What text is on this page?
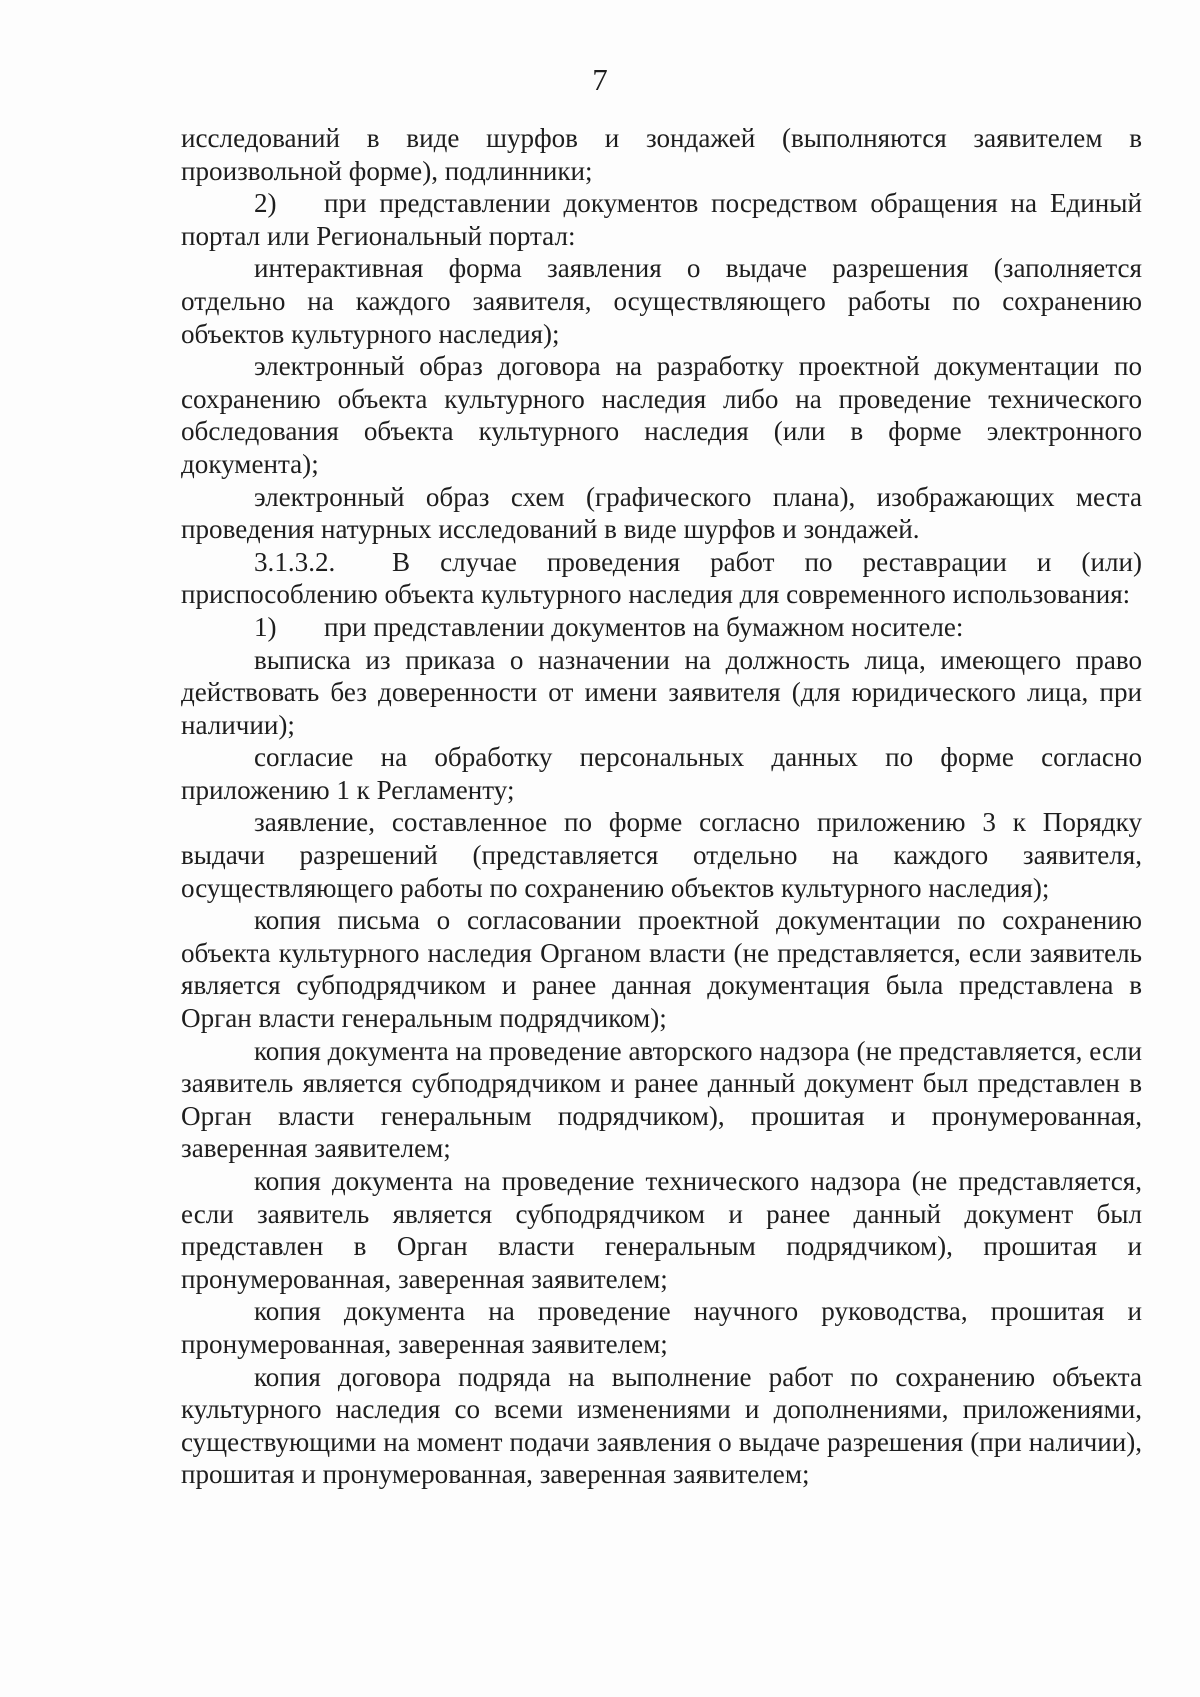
7

исследований в виде шурфов и зондажей (выполняются заявителем в произвольной форме), подлинники;

2) при представлении документов посредством обращения на Единый портал или Региональный портал:

интерактивная форма заявления о выдаче разрешения (заполняется отдельно на каждого заявителя, осуществляющего работы по сохранению объектов культурного наследия);

электронный образ договора на разработку проектной документации по сохранению объекта культурного наследия либо на проведение технического обследования объекта культурного наследия (или в форме электронного документа);

электронный образ схем (графического плана), изображающих места проведения натурных исследований в виде шурфов и зондажей.

3.1.3.2. В случае проведения работ по реставрации и (или) приспособлению объекта культурного наследия для современного использования:

1) при представлении документов на бумажном носителе:

выписка из приказа о назначении на должность лица, имеющего право действовать без доверенности от имени заявителя (для юридического лица, при наличии);

согласие на обработку персональных данных по форме согласно приложению 1 к Регламенту;

заявление, составленное по форме согласно приложению 3 к Порядку выдачи разрешений (представляется отдельно на каждого заявителя, осуществляющего работы по сохранению объектов культурного наследия);

копия письма о согласовании проектной документации по сохранению объекта культурного наследия Органом власти (не представляется, если заявитель является субподрядчиком и ранее данная документация была представлена в Орган власти генеральным подрядчиком);

копия документа на проведение авторского надзора (не представляется, если заявитель является субподрядчиком и ранее данный документ был представлен в Орган власти генеральным подрядчиком), прошитая и пронумерованная, заверенная заявителем;

копия документа на проведение технического надзора (не представляется, если заявитель является субподрядчиком и ранее данный документ был представлен в Орган власти генеральным подрядчиком), прошитая и пронумерованная, заверенная заявителем;

копия документа на проведение научного руководства, прошитая и пронумерованная, заверенная заявителем;

копия договора подряда на выполнение работ по сохранению объекта культурного наследия со всеми изменениями и дополнениями, приложениями, существующими на момент подачи заявления о выдаче разрешения (при наличии), прошитая и пронумерованная, заверенная заявителем;
